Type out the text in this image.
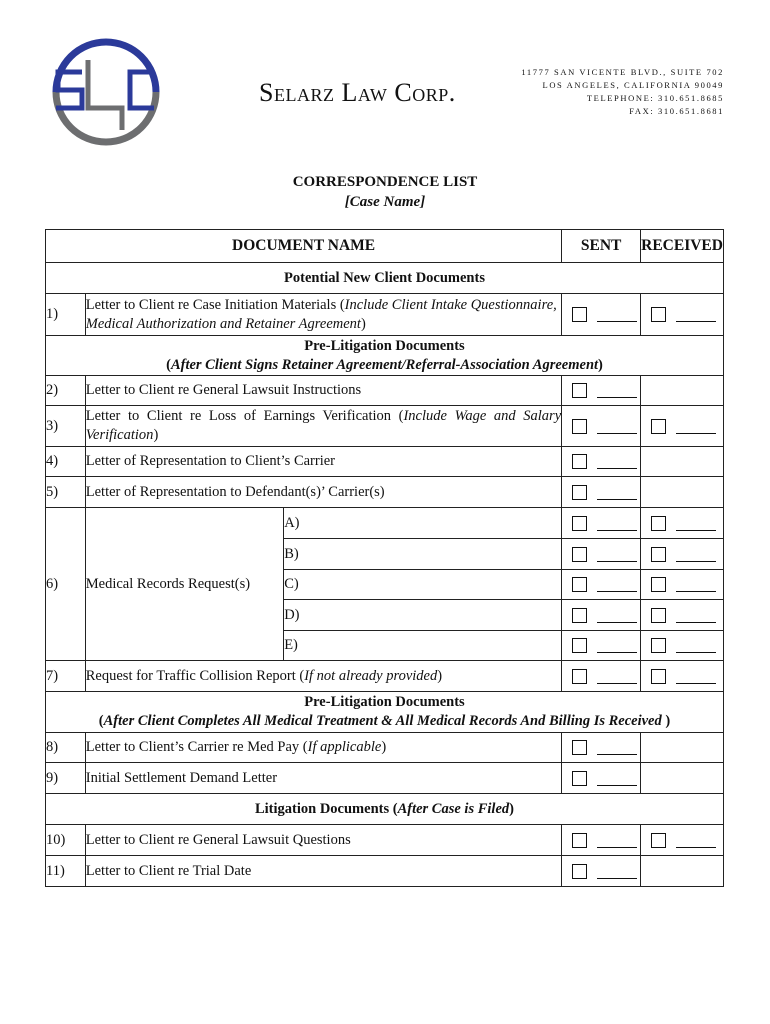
Selarz Law Corp.
11777 SAN VICENTE BLVD., SUITE 702
LOS ANGELES, CALIFORNIA 90049
TELEPHONE: 310.651.8685
FAX: 310.651.8681
CORRESPONDENCE LIST
[Case Name]
DOCUMENT NAME			SENT	RECEIVED
Potential New Client Documents				
1)	Letter to Client re Case Initiation Materials (Include Client Intake Questionnaire, Medical Authorization and Retainer Agreement)		

Pre-Litigation Documents
(After Client Signs Retainer Agreement/Referral-Association Agreement)				

2)	Letter to Client re General Lawsuit Instructions		

3)	Letter to Client re Loss of Earnings Verification (Include Wage and Salary Verification)		

4)	Letter of Representation to Client’s Carrier		

5)	Letter of Representation to Defendant(s)’ Carrier(s)		

6)	Medical Records Request(s)	A)	

		B)	

		C)	

		D)	

		E)	

7)	Request for Traffic Collision Report (If not already provided)		

Pre-Litigation Documents
(After Client Completes All Medical Treatment & All Medical Records And Billing Is Received )				

8)	Letter to Client’s Carrier re Med Pay (If applicable)		

9)	Initial Settlement Demand Letter		

Litigation Documents (After Case is Filed)				
10)	Letter to Client re General Lawsuit Questions		

11)	Letter to Client re Trial Date		
